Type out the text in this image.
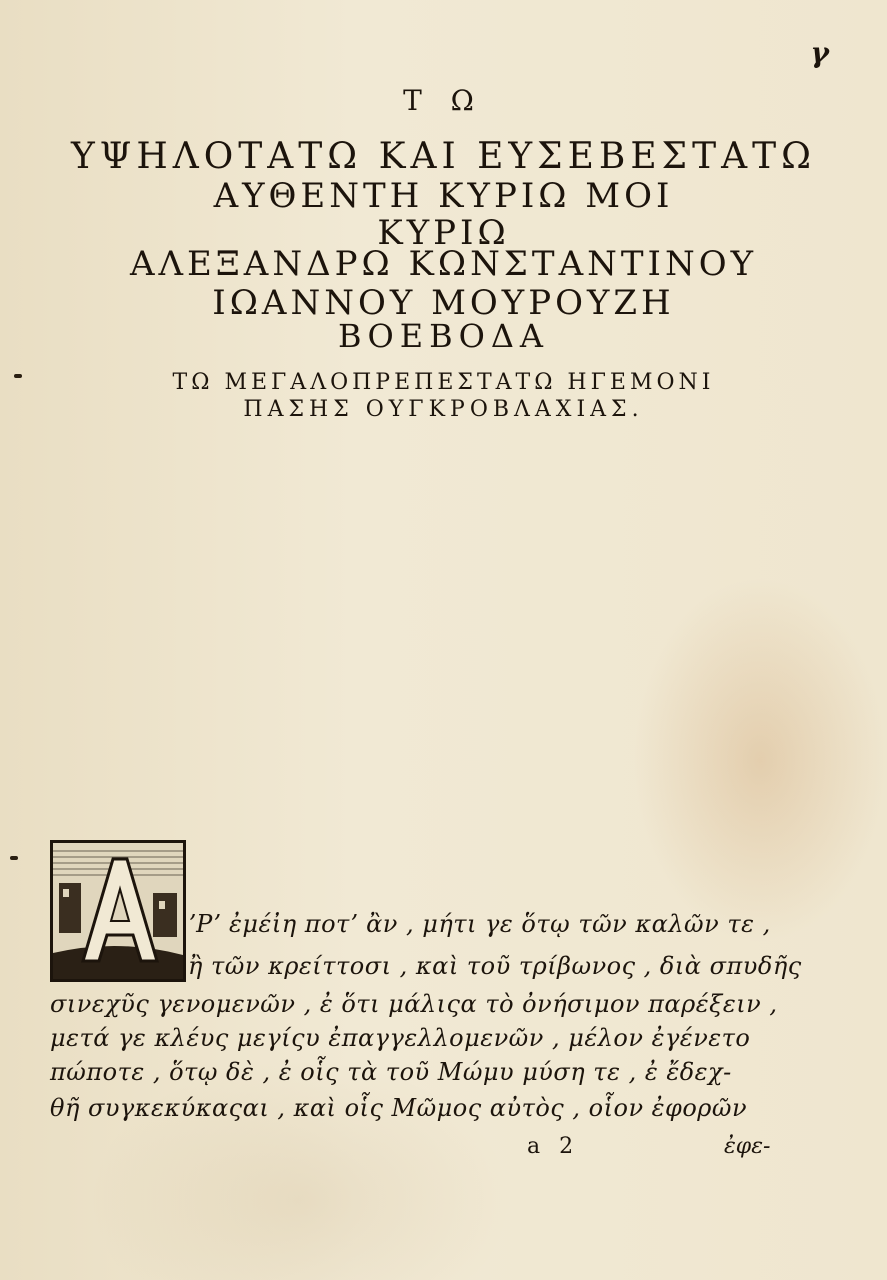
γ
Τ Ω
ΥΨΗΛΟΤΑΤΩ ΚΑΙ ΕΥΣΕΒΕΣΤΑΤΩ
ΑΥΘΕΝΤΗ ΚΥΡΙΩ ΜΟΙ
ΚΥΡΙΩ
ΑΛΕΞΑΝΔΡΩ ΚΩΝΣΤΑΝΤΙΝΟΥ
ΙΩΑΝΝΟΥ ΜΟΥΡΟΥΖΗ
ΒΟΕΒΟΔΑ
ΤΩ ΜΕΓΑΛΟΠΡΕΠΕΣΤΑΤΩ ΗΓΕΜΟΝΙ
ΠΑΣΗΣ ΟΥΓΚΡΟΒΛΑΧΙΑΣ.
ʼΡʼ ἐμέἰη ποτʼ ἂν , μήτι γε ὅτῳ τῶν καλῶν τε ,
ἢ τῶν κρείττοσι , καὶ τοῦ τρίβωνος , διὰ σπυδῆς
σινεχῦς γενομενῶν , ἐ ὅτι μάλιςα τὸ ὀνήσιμον παρέξειν ,
μετά γε κλέυς μεγίςυ ἐπαγγελλομενῶν , μέλον ἐγένετο
πώποτε , ὅτῳ δὲ , ἐ οἷς τὰ τοῦ Μώμυ μύση τε , ἐ ἔδεχ-
θῆ συγκεκύκαςαι , καὶ οἷς Μῶμος αὐτὸς , οἷον ἐφορῶν
a 2	ἐφε-
